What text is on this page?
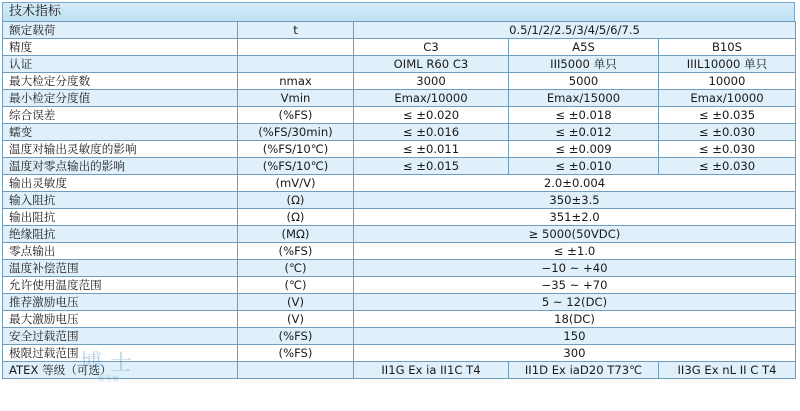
技术指标
额定载荷	t	0.5/1/2/2.5/3/4/5/6/7.5		
精度		C3	A5S	B10S
认证		OIML R60 C3	III5000 单只	IIIL10000 单只
最大检定分度数	nmax	3000	5000	10000
最小检定分度值	Vmin	Emax/10000	Emax/15000	Emax/10000
综合误差	(%FS)	≤ ±0.020	≤ ±0.018	≤ ±0.035
蠕变	(%FS/30min)	≤ ±0.016	≤ ±0.012	≤ ±0.030
温度对输出灵敏度的影响	(%FS/10℃)	≤ ±0.011	≤ ±0.009	≤ ±0.030
温度对零点输出的影响	(%FS/10℃)	≤ ±0.015	≤ ±0.010	≤ ±0.030
输出灵敏度	(mV/V)	2.0±0.004		
输入阻抗	(Ω)	350±3.5		
输出阻抗	(Ω)	351±2.0		
绝缘阻抗	(MΩ)	≥ 5000(50VDC)		
零点输出	(%FS)	≤ ±1.0		
温度补偿范围	(℃)	−10 ~ +40		
允许使用温度范围	(℃)	−35 ~ +70		
推荐激励电压	(V)	5 ~ 12(DC)		
最大激励电压	(V)	18(DC)		
安全过载范围	(%FS)	150		
极限过载范围	(%FS)	300		
ATEX 等级（可选）		II1G Ex ia II1C T4	II1D Ex iaD20 T73℃	II3G Ex nL II C T4
博士
服务商
